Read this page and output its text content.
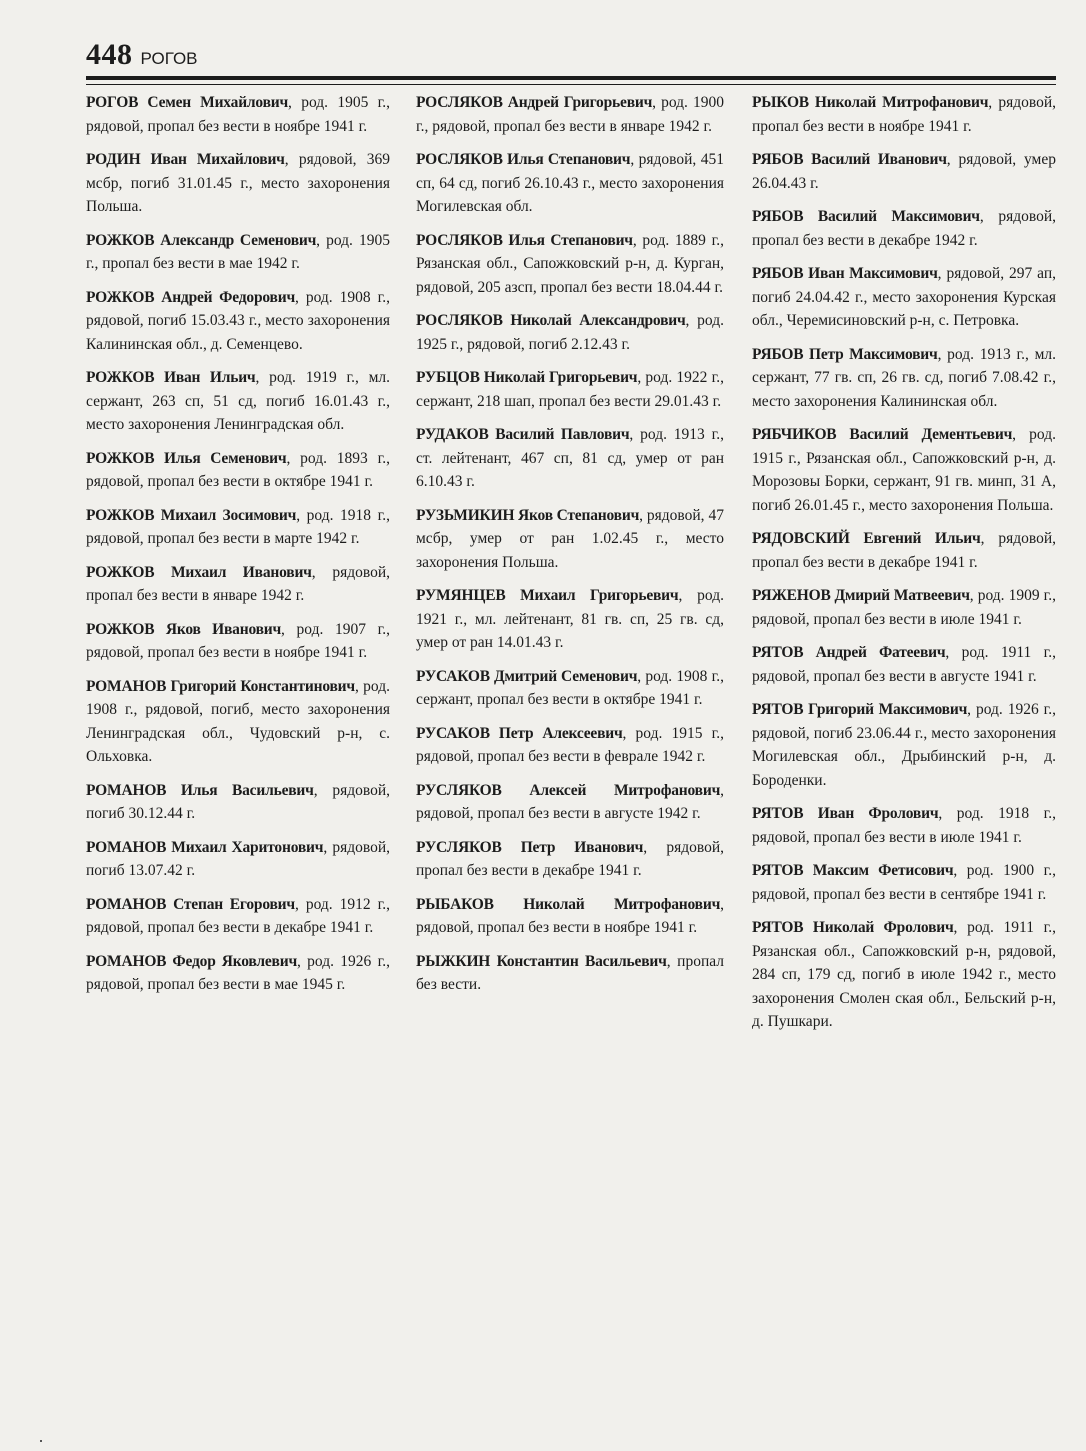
448 РОГОВ

РОГОВ Семен Михайлович, род. 1905 г., рядовой, пропал без вести в ноябре 1941 г.

РОДИН Иван Михайлович, рядовой, 369 мсбр, погиб 31.01.45 г., место захоронения Польша.

РОЖКОВ Александр Семенович, род. 1905 г., пропал без вести в мае 1942 г.

РОЖКОВ Андрей Федорович, род. 1908 г., рядовой, погиб 15.03.43 г., место захоронения Калининская обл., д. Семенцево.

РОЖКОВ Иван Ильич, род. 1919 г., мл. сержант, 263 сп, 51 сд, погиб 16.01.43 г., место захоронения Ленинградская обл.

РОЖКОВ Илья Семенович, род. 1893 г., рядовой, пропал без вести в октябре 1941 г.

РОЖКОВ Михаил Зосимович, род. 1918 г., рядовой, пропал без вести в марте 1942 г.

РОЖКОВ Михаил Иванович, рядовой, пропал без вести в январе 1942 г.

РОЖКОВ Яков Иванович, род. 1907 г., рядовой, пропал без вести в ноябре 1941 г.

РОМАНОВ Григорий Константинович, род. 1908 г., рядовой, погиб, место захоронения Ленинградская обл., Чудовский р-н, с. Ольховка.

РОМАНОВ Илья Васильевич, рядовой, погиб 30.12.44 г.

РОМАНОВ Михаил Харитонович, рядовой, погиб 13.07.42 г.

РОМАНОВ Степан Егорович, род. 1912 г., рядовой, пропал без вести в декабре 1941 г.

РОМАНОВ Федор Яковлевич, род. 1926 г., рядовой, пропал без вести в мае 1945 г.

РОСЛЯКОВ Андрей Григорьевич, род. 1900 г., рядовой, пропал без вести в январе 1942 г.

РОСЛЯКОВ Илья Степанович, рядовой, 451 сп, 64 сд, погиб 26.10.43 г., место захоронения Могилевская обл.

РОСЛЯКОВ Илья Степанович, род. 1889 г., Рязанская обл., Сапожковский р-н, д. Курган, рядовой, 205 азсп, пропал без вести 18.04.44 г.

РОСЛЯКОВ Николай Александрович, род. 1925 г., рядовой, погиб 2.12.43 г.

РУБЦОВ Николай Григорьевич, род. 1922 г., сержант, 218 шап, пропал без вести 29.01.43 г.

РУДАКОВ Василий Павлович, род. 1913 г., ст. лейтенант, 467 сп, 81 сд, умер от ран 6.10.43 г.

РУЗЬМИКИН Яков Степанович, рядовой, 47 мсбр, умер от ран 1.02.45 г., место захоронения Польша.

РУМЯНЦЕВ Михаил Григорьевич, род. 1921 г., мл. лейтенант, 81 гв. сп, 25 гв. сд, умер от ран 14.01.43 г.

РУСАКОВ Дмитрий Семенович, род. 1908 г., сержант, пропал без вести в октябре 1941 г.

РУСАКОВ Петр Алексеевич, род. 1915 г., рядовой, пропал без вести в феврале 1942 г.

РУСЛЯКОВ Алексей Митрофанович, рядовой, пропал без вести в августе 1942 г.

РУСЛЯКОВ Петр Иванович, рядовой, пропал без вести в декабре 1941 г.

РЫБАКОВ Николай Митрофанович, рядовой, пропал без вести в ноябре 1941 г.

РЫЖКИН Константин Васильевич, пропал без вести.

РЫКОВ Николай Митрофанович, рядовой, пропал без вести в ноябре 1941 г.

РЯБОВ Василий Иванович, рядовой, умер 26.04.43 г.

РЯБОВ Василий Максимович, рядовой, пропал без вести в декабре 1942 г.

РЯБОВ Иван Максимович, рядовой, 297 ап, погиб 24.04.42 г., место захоронения Курская обл., Черемисиновский р-н, с. Петровка.

РЯБОВ Петр Максимович, род. 1913 г., мл. сержант, 77 гв. сп, 26 гв. сд, погиб 7.08.42 г., место захоронения Калининская обл.

РЯБЧИКОВ Василий Дементьевич, род. 1915 г., Рязанская обл., Сапожковский р-н, д. Морозовы Борки, сержант, 91 гв. минп, 31 А, погиб 26.01.45 г., место захоронения Польша.

РЯДОВСКИЙ Евгений Ильич, рядовой, пропал без вести в декабре 1941 г.

РЯЖЕНОВ Дмирий Матвеевич, род. 1909 г., рядовой, пропал без вести в июле 1941 г.

РЯТОВ Андрей Фатеевич, род. 1911 г., рядовой, пропал без вести в августе 1941 г.

РЯТОВ Григорий Максимович, род. 1926 г., рядовой, погиб 23.06.44 г., место захоронения Могилевская обл., Дрыбинский р-н, д. Бороденки.

РЯТОВ Иван Фролович, род. 1918 г., рядовой, пропал без вести в июле 1941 г.

РЯТОВ Максим Фетисович, род. 1900 г., рядовой, пропал без вести в сентябре 1941 г.

РЯТОВ Николай Фролович, род. 1911 г., Рязанская обл., Сапожковский р-н, рядовой, 284 сп, 179 сд, погиб в июле 1942 г., место захоронения Смолен ская обл., Бельский р-н, д. Пушкари.
